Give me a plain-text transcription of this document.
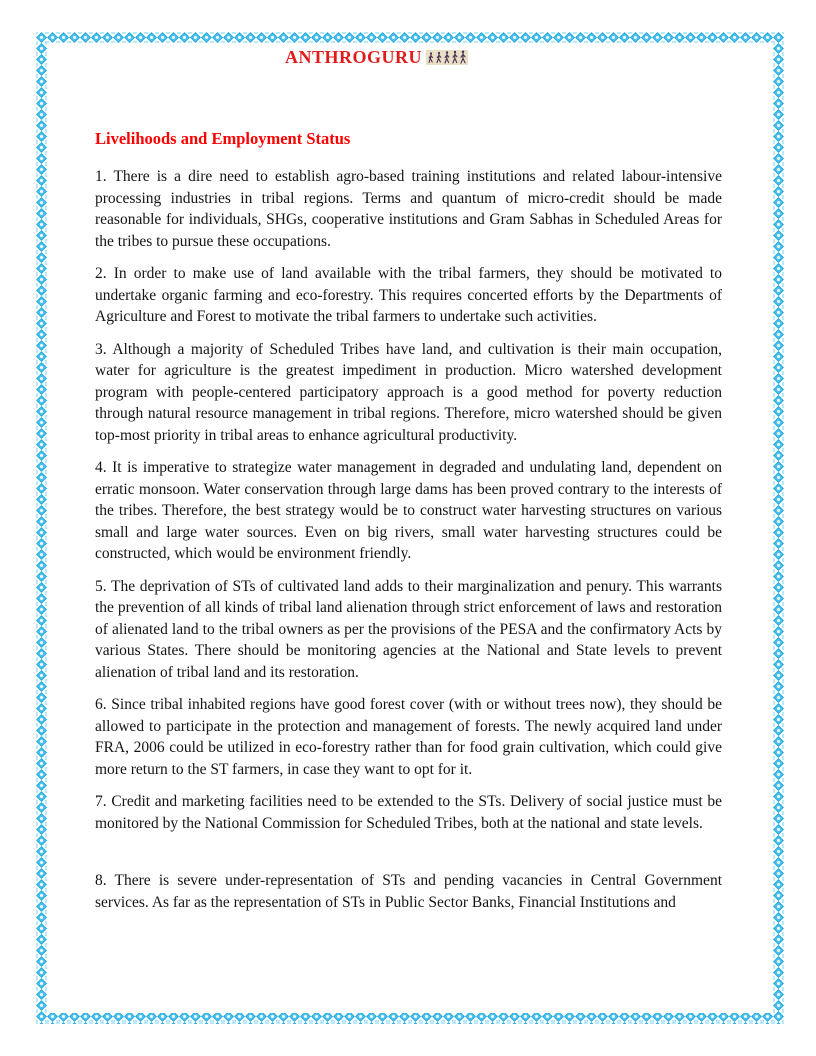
ANTHROGURU
Livelihoods and Employment Status

1. There is a dire need to establish agro-based training institutions and related labour-intensive processing industries in tribal regions. Terms and quantum of micro-credit should be made reasonable for individuals, SHGs, cooperative institutions and Gram Sabhas in Scheduled Areas for the tribes to pursue these occupations.

2. In order to make use of land available with the tribal farmers, they should be motivated to undertake organic farming and eco-forestry. This requires concerted efforts by the Departments of Agriculture and Forest to motivate the tribal farmers to undertake such activities.

3. Although a majority of Scheduled Tribes have land, and cultivation is their main occupation, water for agriculture is the greatest impediment in production. Micro watershed development program with people-centered participatory approach is a good method for poverty reduction through natural resource management in tribal regions. Therefore, micro watershed should be given top-most priority in tribal areas to enhance agricultural productivity.

4. It is imperative to strategize water management in degraded and undulating land, dependent on erratic monsoon. Water conservation through large dams has been proved contrary to the interests of the tribes. Therefore, the best strategy would be to construct water harvesting structures on various small and large water sources. Even on big rivers, small water harvesting structures could be constructed, which would be environment friendly.

5. The deprivation of STs of cultivated land adds to their marginalization and penury. This warrants the prevention of all kinds of tribal land alienation through strict enforcement of laws and restoration of alienated land to the tribal owners as per the provisions of the PESA and the confirmatory Acts by various States. There should be monitoring agencies at the National and State levels to prevent alienation of tribal land and its restoration.

6. Since tribal inhabited regions have good forest cover (with or without trees now), they should be allowed to participate in the protection and management of forests. The newly acquired land under FRA, 2006 could be utilized in eco-forestry rather than for food grain cultivation, which could give more return to the ST farmers, in case they want to opt for it.

7. Credit and marketing facilities need to be extended to the STs. Delivery of social justice must be monitored by the National Commission for Scheduled Tribes, both at the national and state levels.

8. There is severe under-representation of STs and pending vacancies in Central Government services. As far as the representation of STs in Public Sector Banks, Financial Institutions and
